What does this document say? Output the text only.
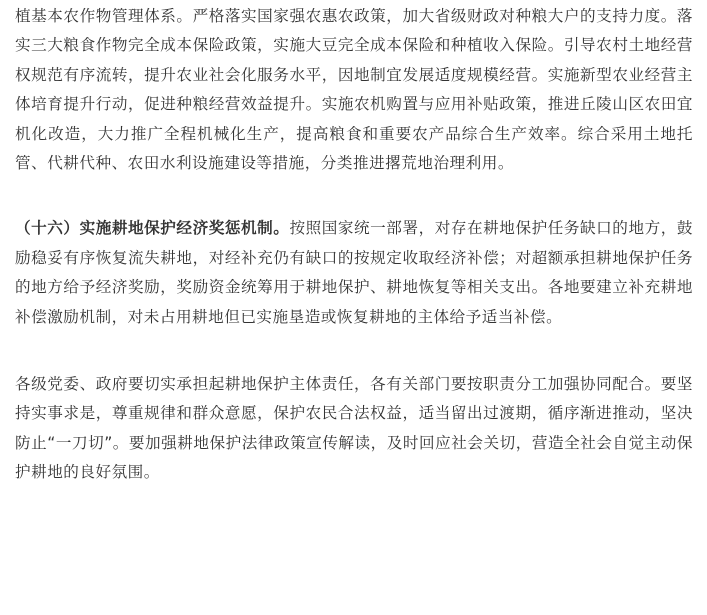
植基本农作物管理体系。严格落实国家强农惠农政策，加大省级财政对种粮大户的支持力度。落实三大粮食作物完全成本保险政策，实施大豆完全成本保险和种植收入保险。引导农村土地经营权规范有序流转，提升农业社会化服务水平，因地制宜发展适度规模经营。实施新型农业经营主体培育提升行动，促进种粮经营效益提升。实施农机购置与应用补贴政策，推进丘陵山区农田宜机化改造，大力推广全程机械化生产，提高粮食和重要农产品综合生产效率。综合采用土地托管、代耕代种、农田水利设施建设等措施，分类推进撂荒地治理利用。

（十六）实施耕地保护经济奖惩机制。按照国家统一部署，对存在耕地保护任务缺口的地方，鼓励稳妥有序恢复流失耕地，对经补充仍有缺口的按规定收取经济补偿；对超额承担耕地保护任务的地方给予经济奖励，奖励资金统筹用于耕地保护、耕地恢复等相关支出。各地要建立补充耕地补偿激励机制，对未占用耕地但已实施垦造或恢复耕地的主体给予适当补偿。

各级党委、政府要切实承担起耕地保护主体责任，各有关部门要按职责分工加强协同配合。要坚持实事求是，尊重规律和群众意愿，保护农民合法权益，适当留出过渡期，循序渐进推动，坚决防止“一刀切”。要加强耕地保护法律政策宣传解读，及时回应社会关切，营造全社会自觉主动保护耕地的良好氛围。
